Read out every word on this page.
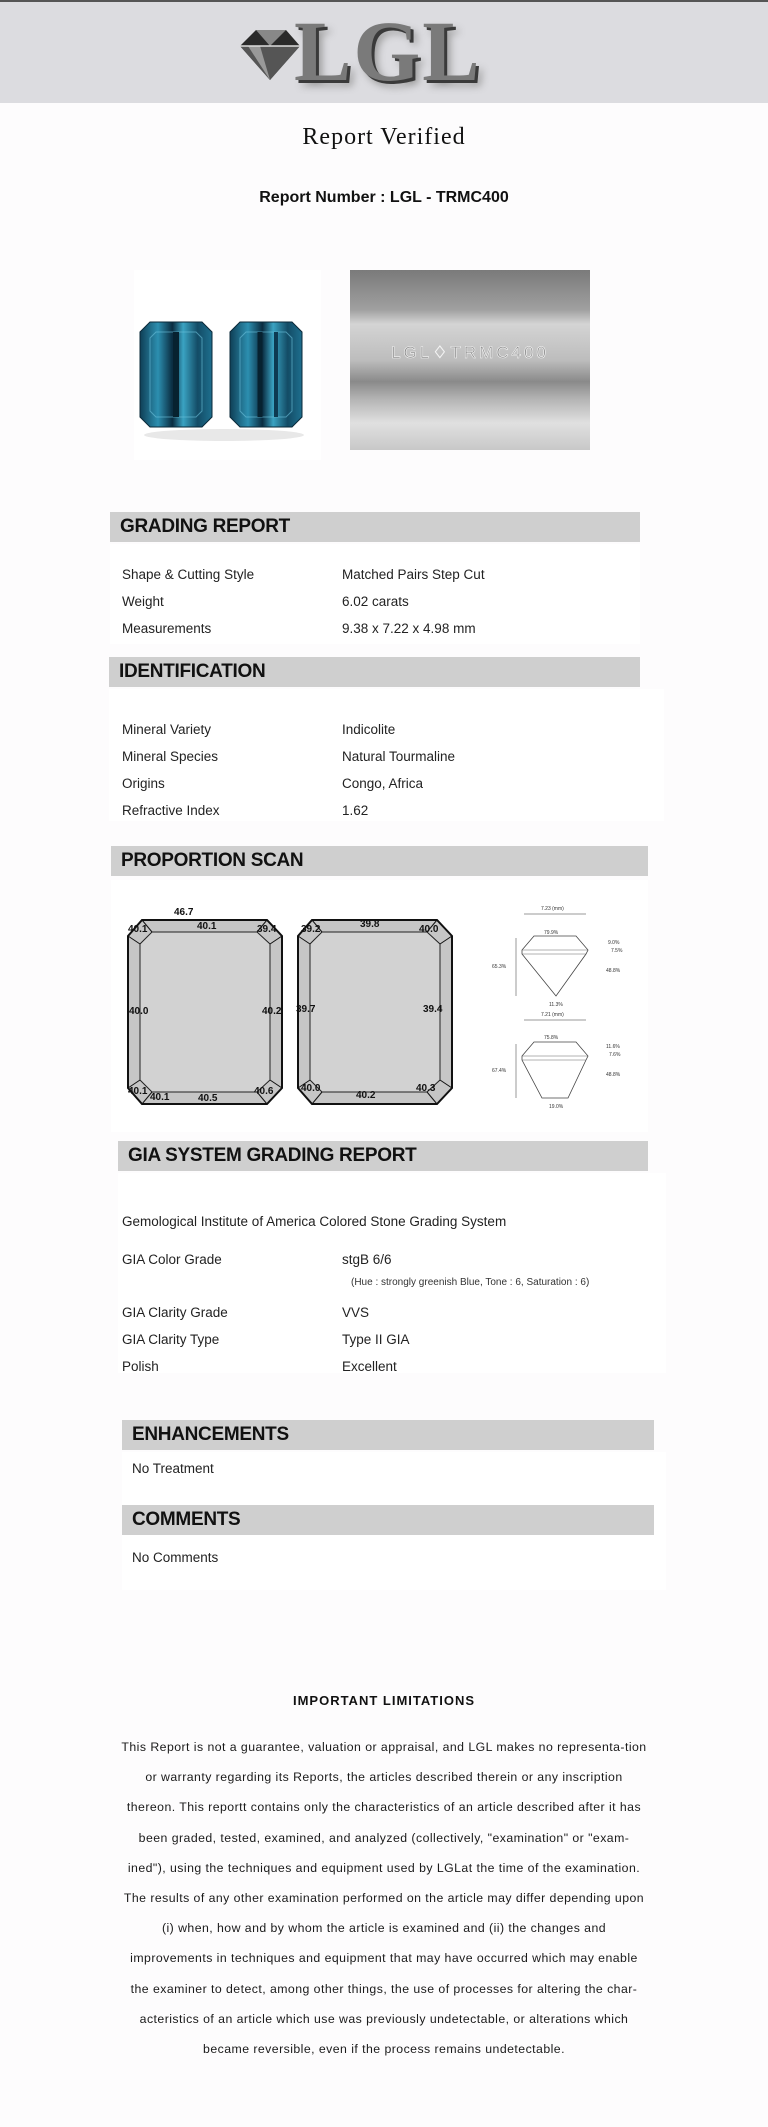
LGL
Report Verified
Report Number : LGL - TRMC400
LGL♢TRMC400
GRADING REPORT
Shape & Cutting Style	Matched Pairs Step Cut
Weight	6.02 carats
Measurements	9.38 x 7.22 x 4.98 mm
IDENTIFICATION
Mineral Variety	Indicolite
Mineral Species	Natural Tourmaline
Origins	Congo, Africa
Refractive Index	1.62
PROPORTION SCAN
46.7
40.1
40.1	39.4
40.0	40.2
40.1
40.1	40.5
40.6
39.2	39.8	40.0
39.7	39.4
40.0
40.2
40.3
7.23 (mm)
79.9%
65.3%
9.0%
7.5%
48.8%
11.3%
7.21 (mm)
75.8%
67.4%
11.6%
7.6%
48.8%
19.0%
GIA SYSTEM GRADING REPORT
Gemological Institute of America Colored Stone Grading System
GIA Color Grade	stgB 6/6
(Hue : strongly greenish Blue, Tone : 6, Saturation : 6)
GIA Clarity Grade	VVS
GIA Clarity Type	Type II GIA
Polish	Excellent
ENHANCEMENTS
No Treatment
COMMENTS
No Comments
IMPORTANT LIMITATIONS
This Report is not a guarantee, valuation or appraisal, and LGL makes no representa-tion or warranty regarding its Reports, the articles described therein or any inscription thereon. This reportt contains only the characteristics of an article described after it has been graded, tested, examined, and analyzed (collectively, "examination" or "exam-ined"), using the techniques and equipment used by LGLat the time of the examination. The results of any other examination performed on the article may differ depending upon (i) when, how and by whom the article is examined and (ii) the changes and improvements in techniques and equipment that may have occurred which may enable the examiner to detect, among other things, the use of processes for altering the char-acteristics of an article which use was previously undetectable, or alterations which became reversible, even if the process remains undetectable.
